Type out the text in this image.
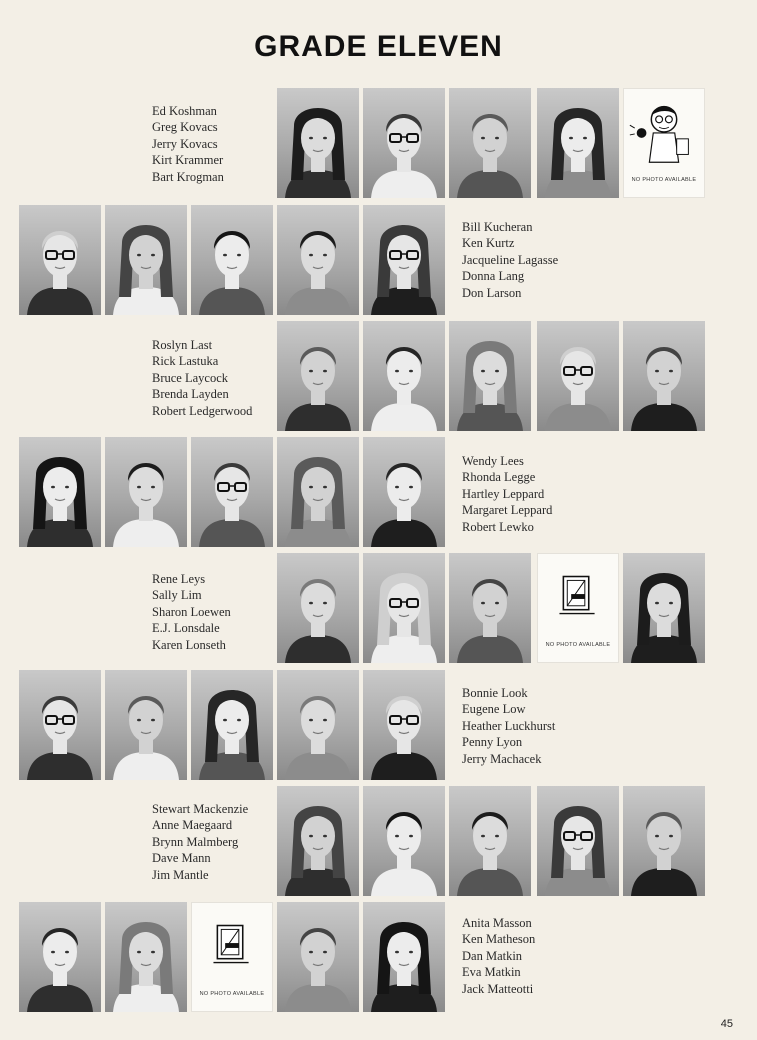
GRADE ELEVEN
Ed Koshman
Greg Kovacs
Jerry Kovacs
Kirt Krammer
Bart Krogman	NO PHOTO AVAILABLE
Bill Kucheran
Ken Kurtz
Jacqueline Lagasse
Donna Lang
Don Larson
Roslyn Last
Rick Lastuka
Bruce Laycock
Brenda Layden
Robert Ledgerwood
Wendy Lees
Rhonda Legge
Hartley Leppard
Margaret Leppard
Robert Lewko
Rene Leys
Sally Lim
Sharon Loewen
E.J. Lonsdale
Karen Lonseth	NO PHOTO AVAILABLE
Bonnie Look
Eugene Low
Heather Luckhurst
Penny Lyon
Jerry Machacek
Stewart Mackenzie
Anne Maegaard
Brynn Malmberg
Dave Mann
Jim Mantle
Anita Masson
Ken Matheson
Dan Matkin
Eva Matkin
Jack Matteotti
NO PHOTO AVAILABLE
45
